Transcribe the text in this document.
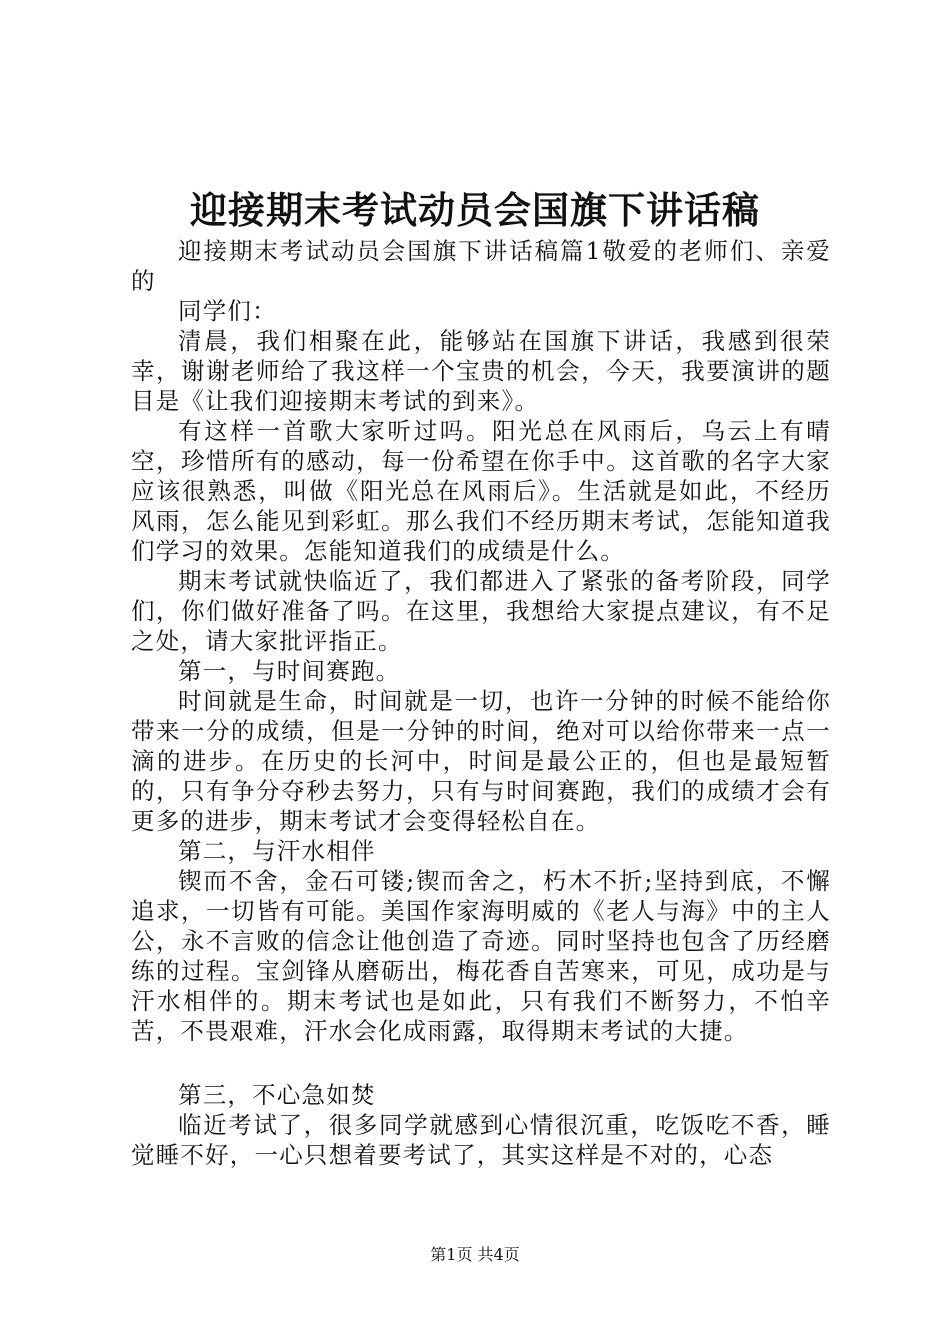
迎接期末考试动员会国旗下讲话稿

迎接期末考试动员会国旗下讲话稿篇1敬爱的老师们、亲爱的

同学们：

清晨，我们相聚在此，能够站在国旗下讲话，我感到很荣幸，谢谢老师给了我这样一个宝贵的机会，今天，我要演讲的题目是《让我们迎接期末考试的到来》。

有这样一首歌大家听过吗。阳光总在风雨后，乌云上有晴空，珍惜所有的感动，每一份希望在你手中。这首歌的名字大家应该很熟悉，叫做《阳光总在风雨后》。生活就是如此，不经历风雨，怎么能见到彩虹。那么我们不经历期末考试，怎能知道我们学习的效果。怎能知道我们的成绩是什么。

期末考试就快临近了，我们都进入了紧张的备考阶段，同学们，你们做好准备了吗。在这里，我想给大家提点建议，有不足之处，请大家批评指正。

第一，与时间赛跑。

时间就是生命，时间就是一切，也许一分钟的时候不能给你带来一分的成绩，但是一分钟的时间，绝对可以给你带来一点一滴的进步。在历史的长河中，时间是最公正的，但也是最短暂的，只有争分夺秒去努力，只有与时间赛跑，我们的成绩才会有更多的进步，期末考试才会变得轻松自在。

第二，与汗水相伴

锲而不舍，金石可镂;锲而舍之，朽木不折;坚持到底，不懈追求，一切皆有可能。美国作家海明威的《老人与海》中的主人公，永不言败的信念让他创造了奇迹。同时坚持也包含了历经磨练的过程。宝剑锋从磨砺出，梅花香自苦寒来，可见，成功是与汗水相伴的。期末考试也是如此，只有我们不断努力，不怕辛苦，不畏艰难，汗水会化成雨露，取得期末考试的大捷。

第三，不心急如焚

临近考试了，很多同学就感到心情很沉重，吃饭吃不香，睡觉睡不好，一心只想着要考试了，其实这样是不对的，心态

第1页 共4页
